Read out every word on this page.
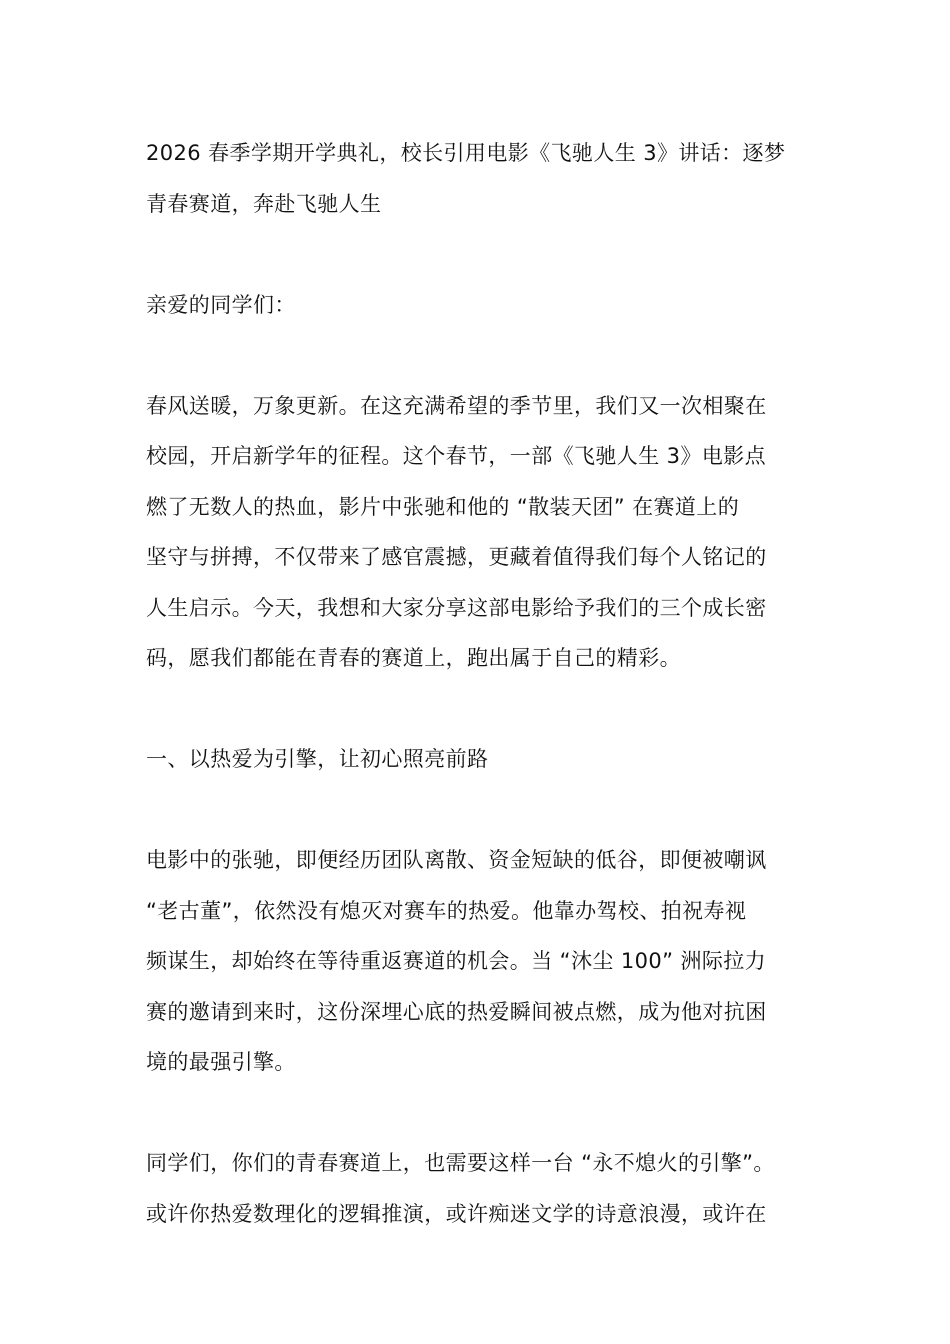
2026 春季学期开学典礼，校长引用电影《飞驰人生 3》讲话：逐梦
青春赛道，奔赴飞驰人生

亲爱的同学们：

春风送暖，万象更新。在这充满希望的季节里，我们又一次相聚在
校园，开启新学年的征程。这个春节，一部《飞驰人生 3》电影点
燃了无数人的热血，影片中张驰和他的 “散装天团” 在赛道上的
坚守与拼搏，不仅带来了感官震撼，更藏着值得我们每个人铭记的
人生启示。今天，我想和大家分享这部电影给予我们的三个成长密
码，愿我们都能在青春的赛道上，跑出属于自己的精彩。

一、以热爱为引擎，让初心照亮前路

电影中的张驰，即便经历团队离散、资金短缺的低谷，即便被嘲讽
“老古董”，依然没有熄灭对赛车的热爱。他靠办驾校、拍祝寿视
频谋生，却始终在等待重返赛道的机会。当 “沐尘 100” 洲际拉力
赛的邀请到来时，这份深埋心底的热爱瞬间被点燃，成为他对抗困
境的最强引擎。

同学们，你们的青春赛道上，也需要这样一台 “永不熄火的引擎”。
或许你热爱数理化的逻辑推演，或许痴迷文学的诗意浪漫，或许在
